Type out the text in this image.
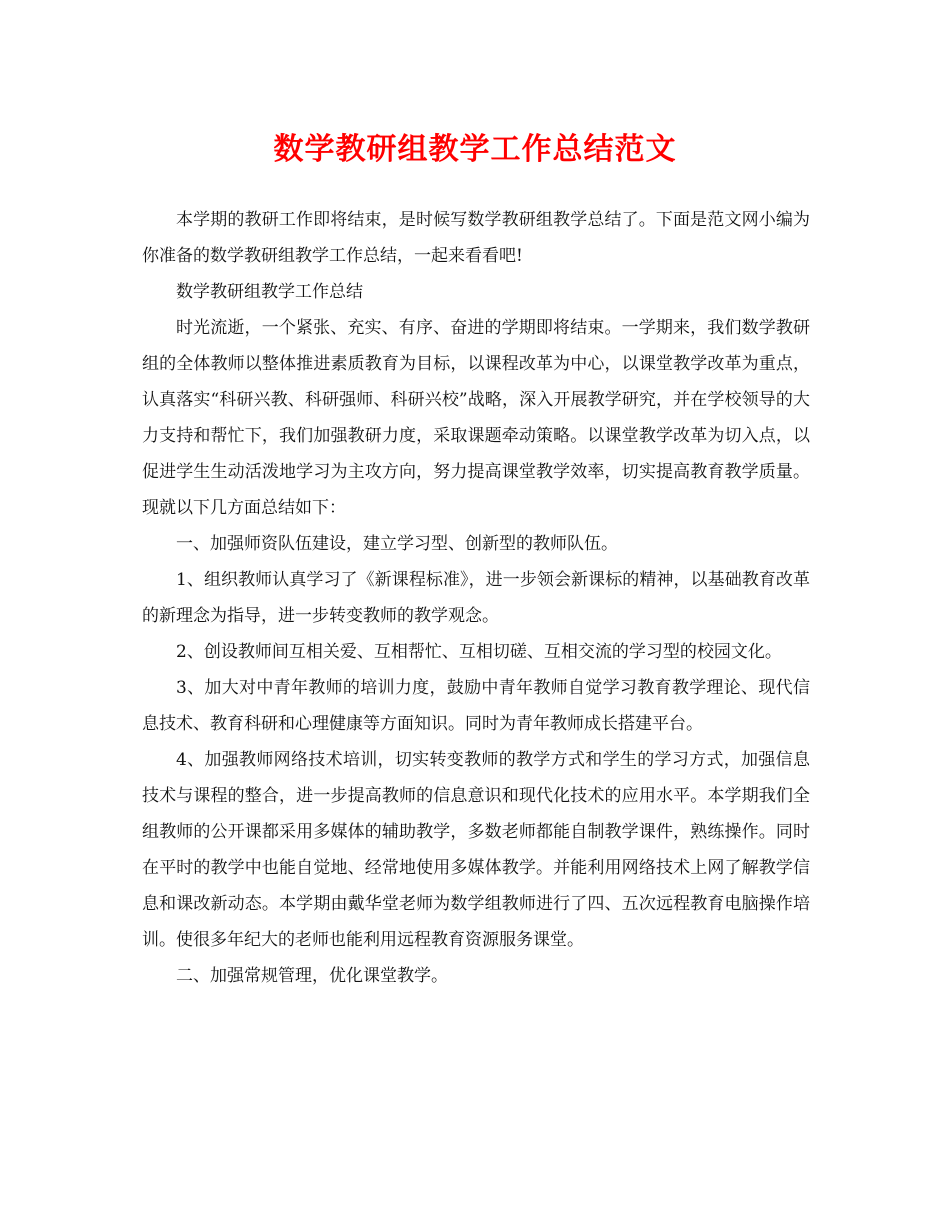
数学教研组教学工作总结范文

本学期的教研工作即将结束，是时候写数学教研组教学总结了。下面是范文网小编为你准备的数学教研组教学工作总结，一起来看看吧!

数学教研组教学工作总结

时光流逝，一个紧张、充实、有序、奋进的学期即将结束。一学期来，我们数学教研组的全体教师以整体推进素质教育为目标，以课程改革为中心，以课堂教学改革为重点，认真落实“科研兴教、科研强师、科研兴校”战略，深入开展教学研究，并在学校领导的大力支持和帮忙下，我们加强教研力度，采取课题牵动策略。以课堂教学改革为切入点，以促进学生生动活泼地学习为主攻方向，努力提高课堂教学效率，切实提高教育教学质量。现就以下几方面总结如下：

一、加强师资队伍建设，建立学习型、创新型的教师队伍。

1、组织教师认真学习了《新课程标准》，进一步领会新课标的精神，以基础教育改革的新理念为指导，进一步转变教师的教学观念。

2、创设教师间互相关爱、互相帮忙、互相切磋、互相交流的学习型的校园文化。

3、加大对中青年教师的培训力度，鼓励中青年教师自觉学习教育教学理论、现代信息技术、教育科研和心理健康等方面知识。同时为青年教师成长搭建平台。

4、加强教师网络技术培训，切实转变教师的教学方式和学生的学习方式，加强信息技术与课程的整合，进一步提高教师的信息意识和现代化技术的应用水平。本学期我们全组教师的公开课都采用多媒体的辅助教学，多数老师都能自制教学课件，熟练操作。同时在平时的教学中也能自觉地、经常地使用多媒体教学。并能利用网络技术上网了解教学信息和课改新动态。本学期由戴华堂老师为数学组教师进行了四、五次远程教育电脑操作培训。使很多年纪大的老师也能利用远程教育资源服务课堂。

二、加强常规管理，优化课堂教学。
